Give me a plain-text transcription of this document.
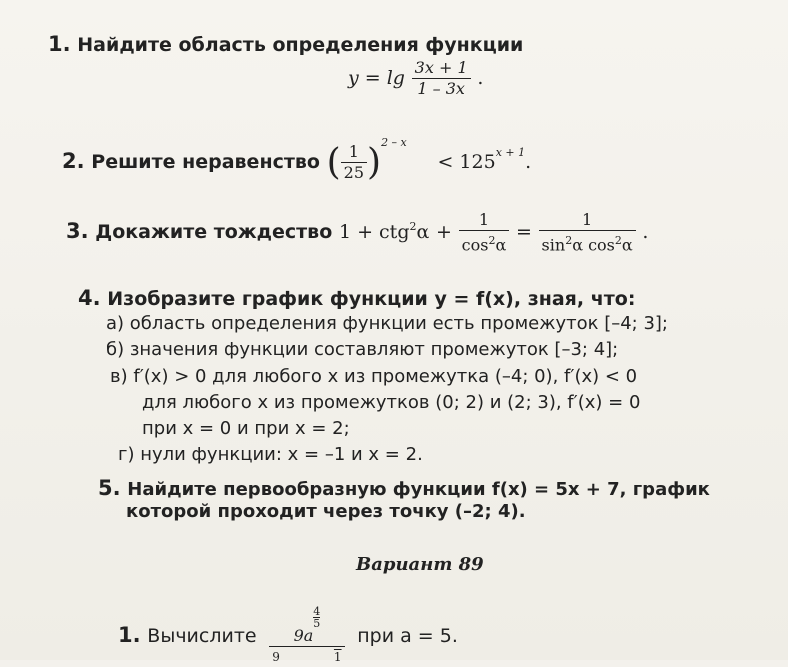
1. Найдите область определения функции
$y = \lg \frac{3x + 1}{1 - 3x}$ .
2. Решите неравенство ( $\frac{1}{25} )^{2 - x} < 125^{x + 1}$.
3. Докажите тождество $1 + ctg^2\alpha + \frac{1}{\cos^2\alpha} = \frac{1}{\sin^2\alpha \cos^2\alpha}$ .
4. Изобразите график функции y = f(x), зная, что:
а) область определения функции есть промежуток [–4; 3];
б) значения функции составляют промежуток [–3; 4];
в) f′(x) > 0 для любого x из промежутка (–4; 0), f′(x) < 0
для любого x из промежутков (0; 2) и (2; 3), f′(x) = 0
при x = 0 и при x = 2;
г) нули функции: x = –1 и x = 2.
5. Найдите первообразную функции f(x) = 5x + 7, график
которой проходит через точку (–2; 4).
Вариант 89
1. Вычислите 9a
$^{\frac{4}{5}}$
9	1 при a = 5.
